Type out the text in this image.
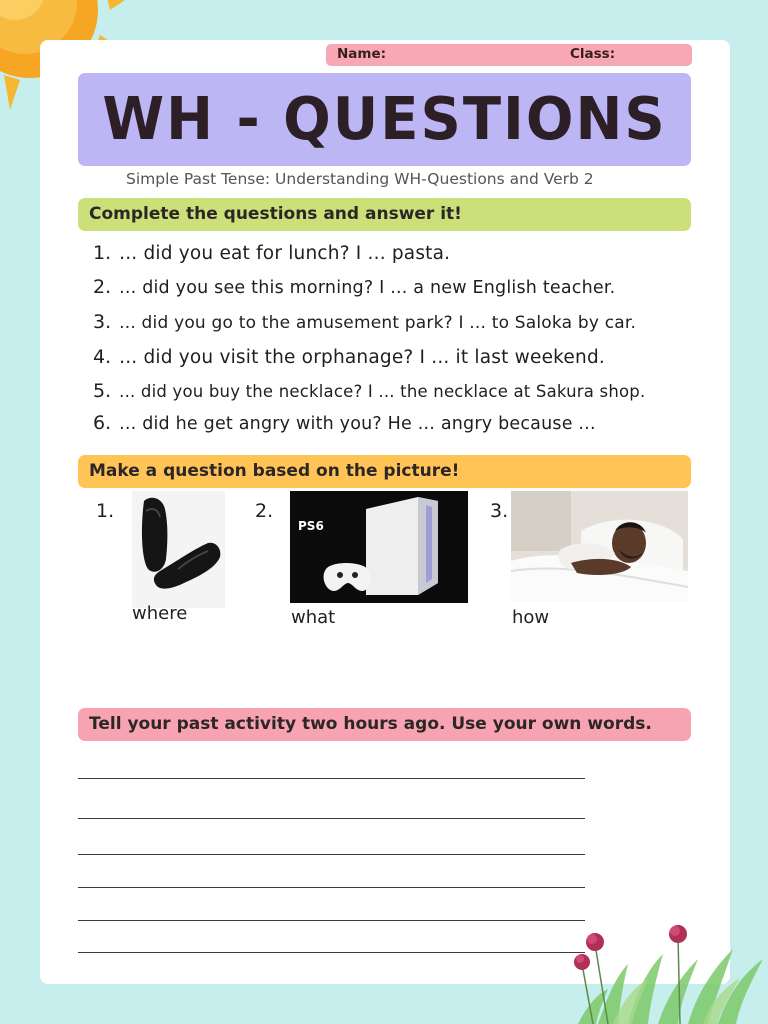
Name:	Class:
WH - QUESTIONS
Simple Past Tense: Understanding WH-Questions and Verb 2
Complete the questions and answer it!
1. ... did you eat for lunch? I ... pasta.
2. ... did you see this morning? I ... a new English teacher.
3. ... did you go to the amusement park? I ... to Saloka by car.
4. ... did you visit the orphanage? I ... it last weekend.
5. ... did you buy the necklace? I ... the necklace at Sakura shop.
6. ... did he get angry with you? He ... angry because ...
Make a question based on the picture!
1.
where
2.
PS6
what
3.
how
Tell your past activity two hours ago. Use your own words.
